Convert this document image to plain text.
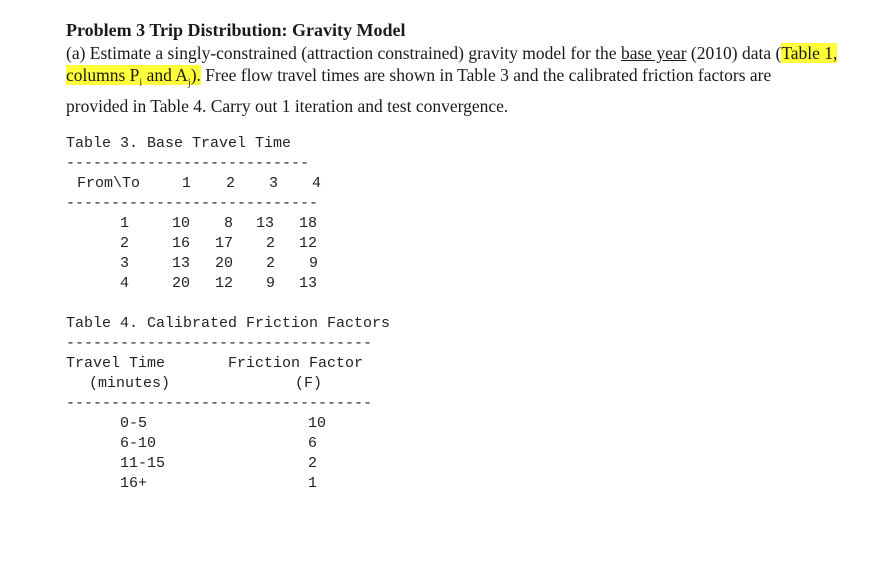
Problem 3 Trip Distribution: Gravity Model

(a) Estimate a singly-constrained (attraction constrained) gravity model for the base year (2010) data (Table 1,
columns $P_i$ and $A_j$). Free flow travel times are shown in Table 3 and the calibrated friction factors are
provided in Table 4. Carry out 1 iteration and test convergence.

Table 3. Base Travel Time
---------------------------
From\To	1 2 3 4
----------------------------
1	10 8 13 18
2	16 17 2 12
3	13 20 2 9
4	20 12 9 13
Table 4. Calibrated Friction Factors
----------------------------------
Travel Time	Friction Factor
(minutes)	(F)
----------------------------------
0-5	10
6-10	6
11-15	2
16+	1
